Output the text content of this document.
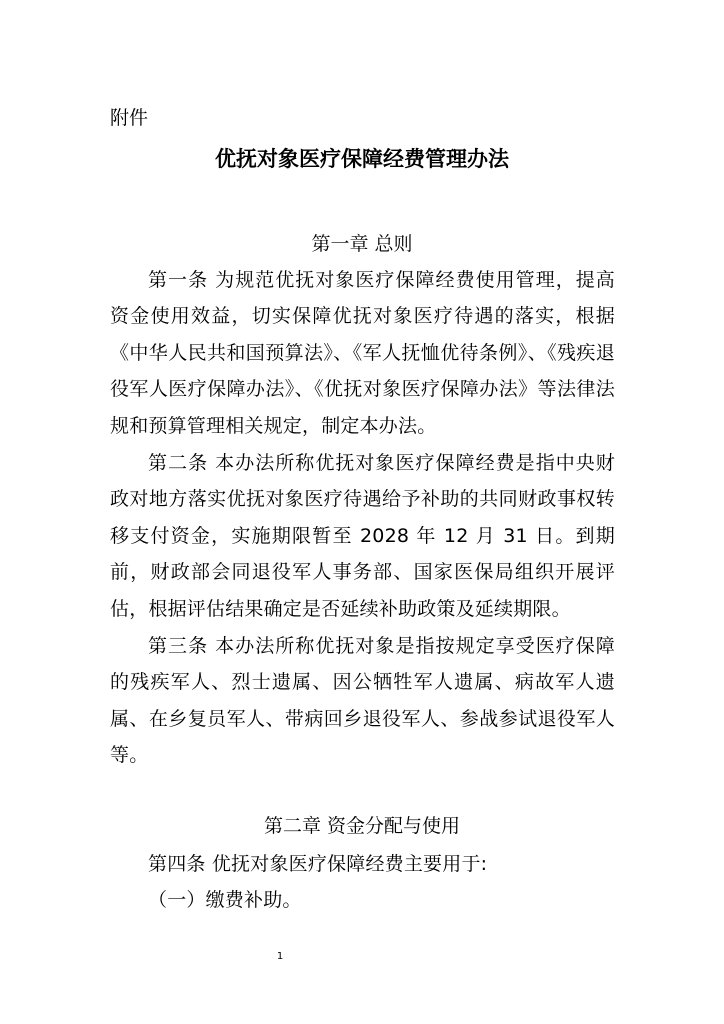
附件
优抚对象医疗保障经费管理办法
第一章 总则

第一条 为规范优抚对象医疗保障经费使用管理，提高资金使用效益，切实保障优抚对象医疗待遇的落实，根据《中华人民共和国预算法》、《军人抚恤优待条例》、《残疾退役军人医疗保障办法》、《优抚对象医疗保障办法》等法律法规和预算管理相关规定，制定本办法。

第二条 本办法所称优抚对象医疗保障经费是指中央财政对地方落实优抚对象医疗待遇给予补助的共同财政事权转移支付资金，实施期限暂至 2028 年 12 月 31 日。到期前，财政部会同退役军人事务部、国家医保局组织开展评估，根据评估结果确定是否延续补助政策及延续期限。

第三条 本办法所称优抚对象是指按规定享受医疗保障的残疾军人、烈士遗属、因公牺牲军人遗属、病故军人遗属、在乡复员军人、带病回乡退役军人、参战参试退役军人等。

第二章 资金分配与使用

第四条 优抚对象医疗保障经费主要用于:

（一）缴费补助。

1
